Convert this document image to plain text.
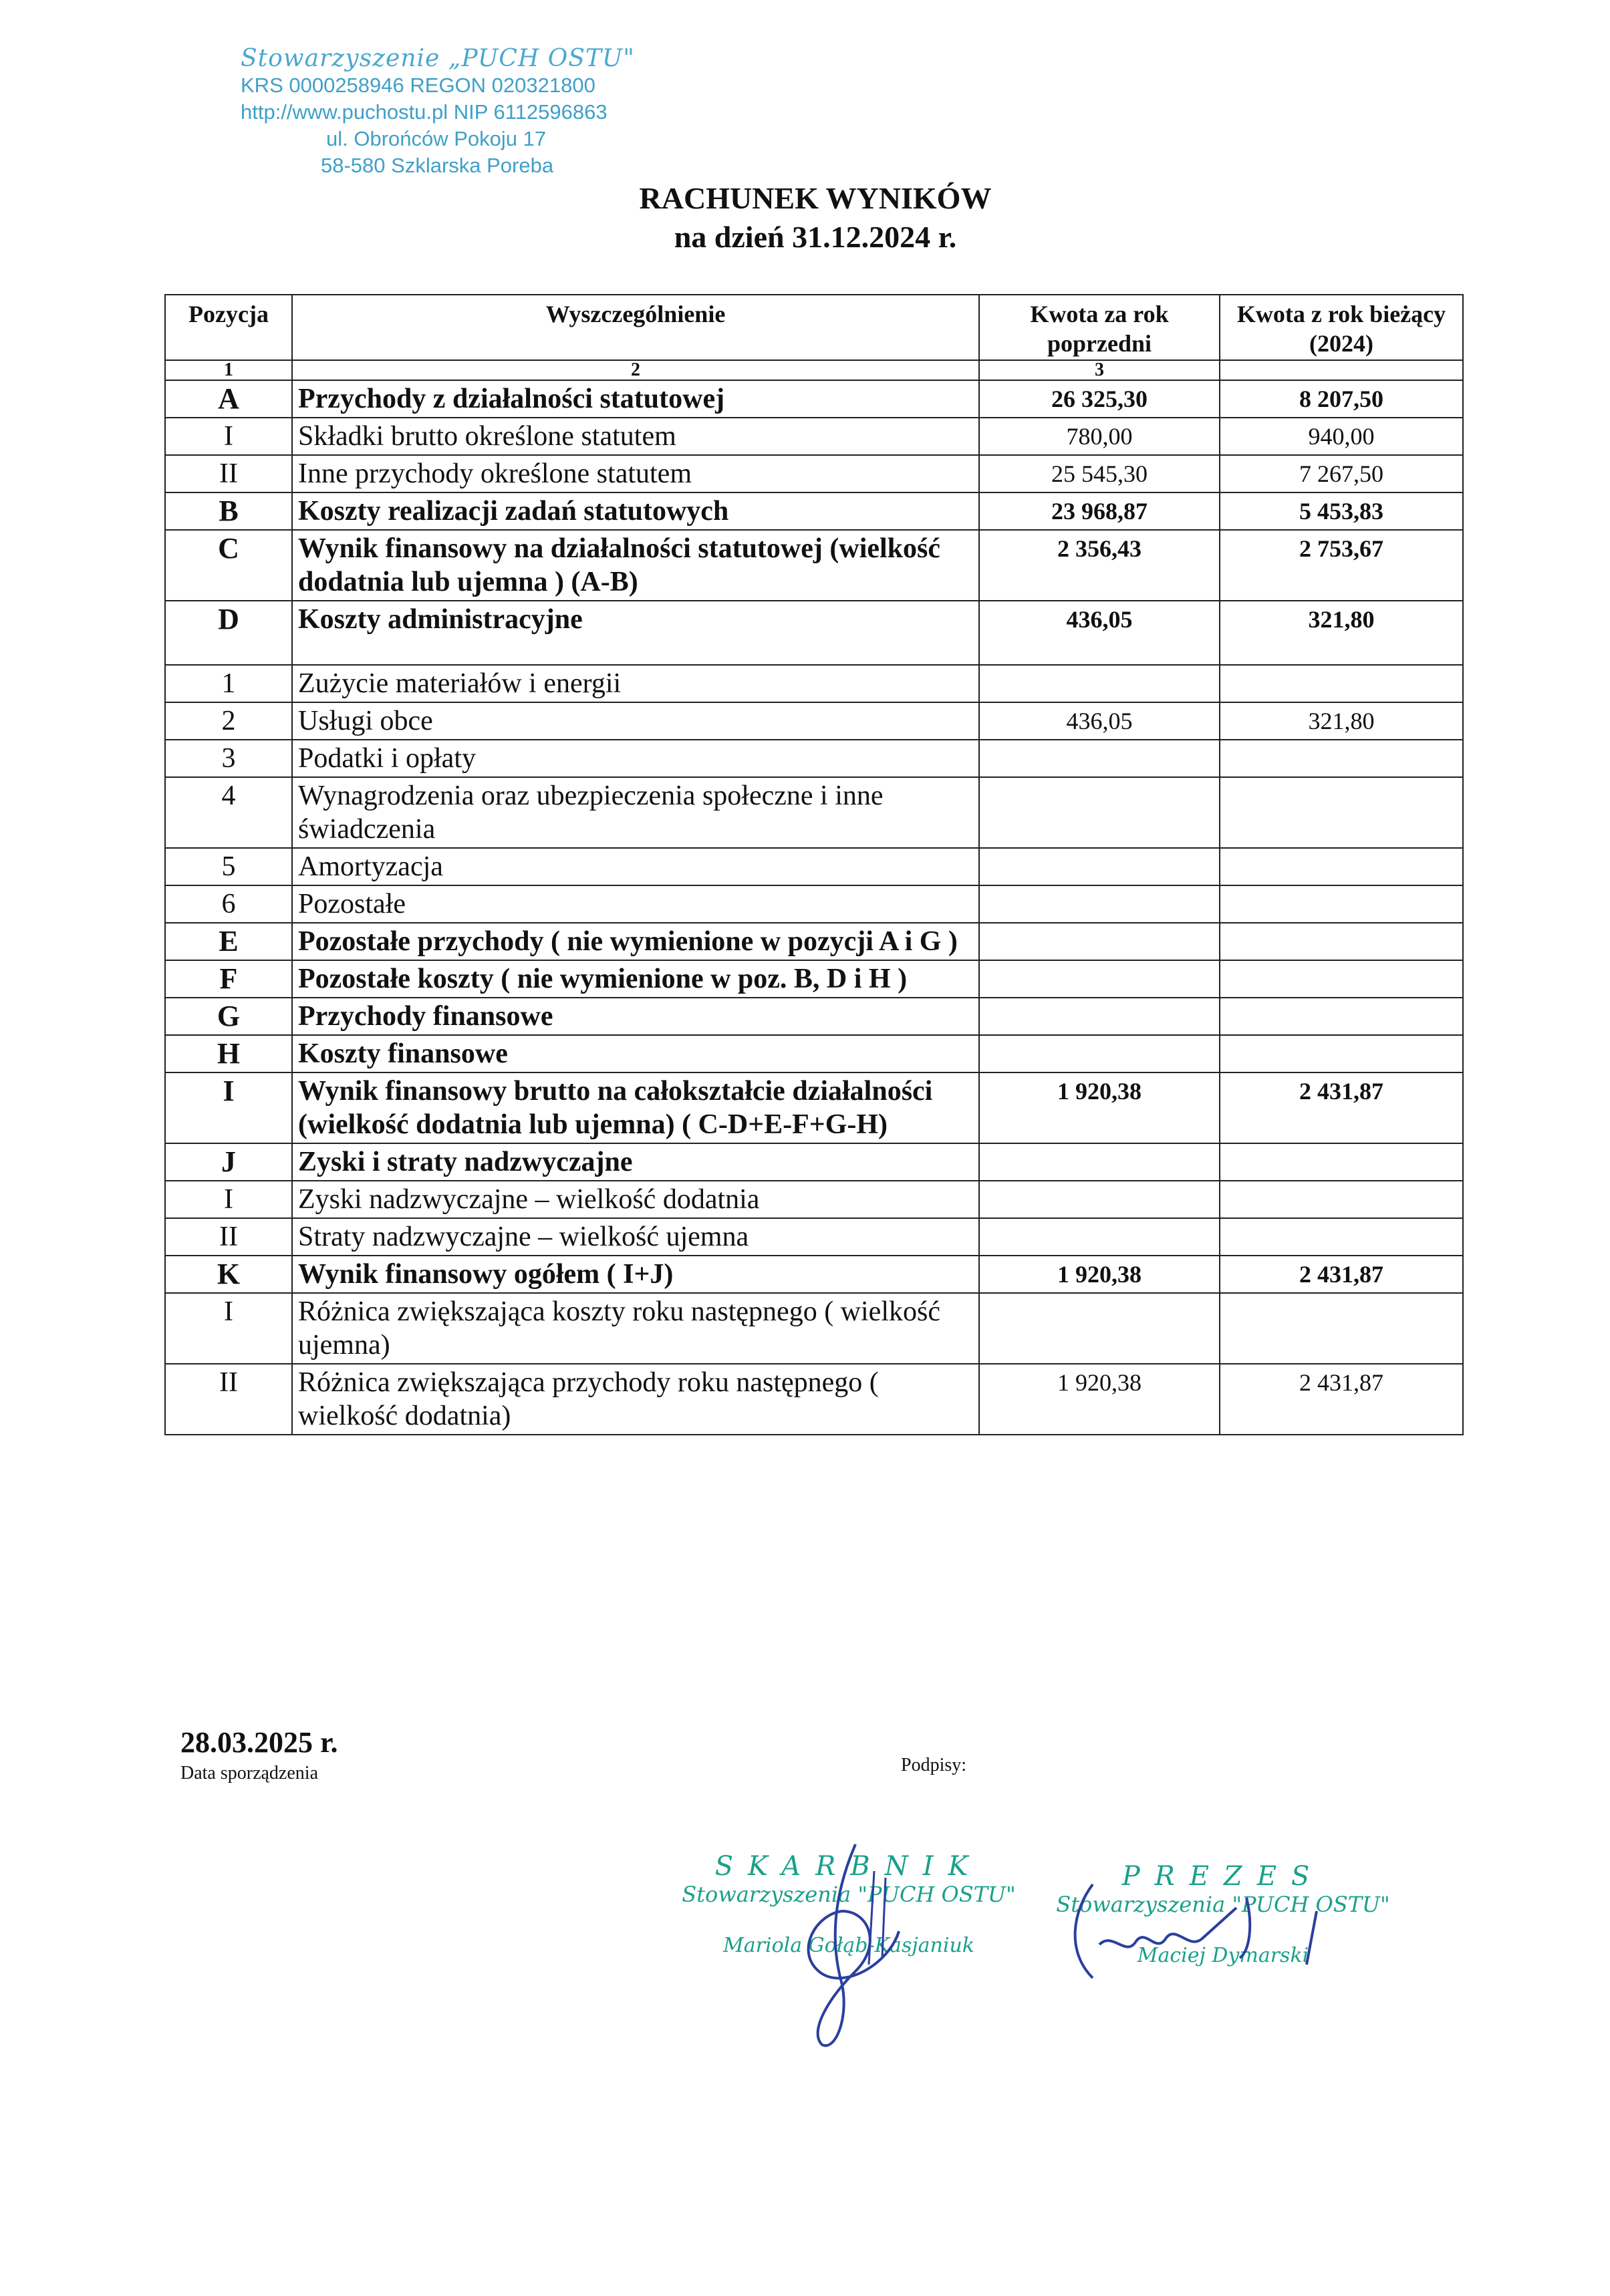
Stowarzyszenie „PUCH OSTU"
KRS 0000258946 REGON 020321800
http://www.puchostu.pl NIP 6112596863
ul. Obrońców Pokoju 17
58-580 Szklarska Poreba
RACHUNEK WYNIKÓW
na dzień 31.12.2024 r.
Pozycja	Wyszczególnienie	Kwota za rok poprzedni	Kwota z rok bieżący (2024)
1	2	3	
A	Przychody z działalności statutowej	26 325,30	8 207,50
I	Składki brutto określone statutem	780,00	940,00
II	Inne przychody określone statutem	25 545,30	7 267,50
B	Koszty realizacji zadań statutowych	23 968,87	5 453,83
C	Wynik finansowy na działalności statutowej (wielkość dodatnia lub ujemna ) (A-B)	2 356,43	2 753,67
D	Koszty administracyjne	436,05	321,80
1	Zużycie materiałów i energii		
2	Usługi obce	436,05	321,80
3	Podatki i opłaty		
4	Wynagrodzenia oraz ubezpieczenia społeczne i inne świadczenia		
5	Amortyzacja		
6	Pozostałe		
E	Pozostałe przychody ( nie wymienione w pozycji A i G )		
F	Pozostałe koszty ( nie wymienione w poz. B, D i H )		
G	Przychody finansowe		
H	Koszty finansowe		
I	Wynik finansowy brutto na całokształcie działalności (wielkość dodatnia lub ujemna) ( C-D+E-F+G-H)	1 920,38	2 431,87
J	Zyski i straty nadzwyczajne		
I	Zyski nadzwyczajne – wielkość dodatnia		
II	Straty nadzwyczajne – wielkość ujemna		
K	Wynik finansowy ogółem ( I+J)	1 920,38	2 431,87
I	Różnica zwiększająca koszty roku następnego ( wielkość ujemna)		
II	Różnica zwiększająca przychody roku następnego ( wielkość dodatnia)	1 920,38	2 431,87
28.03.2025 r.
Data sporządzenia	Podpisy:
SKARBNIK
Stowarzyszenia "PUCH OSTU"
Mariola Gołąb-Kasjaniuk
PREZES
Stowarzyszenia "PUCH OSTU"
Maciej Dymarski
